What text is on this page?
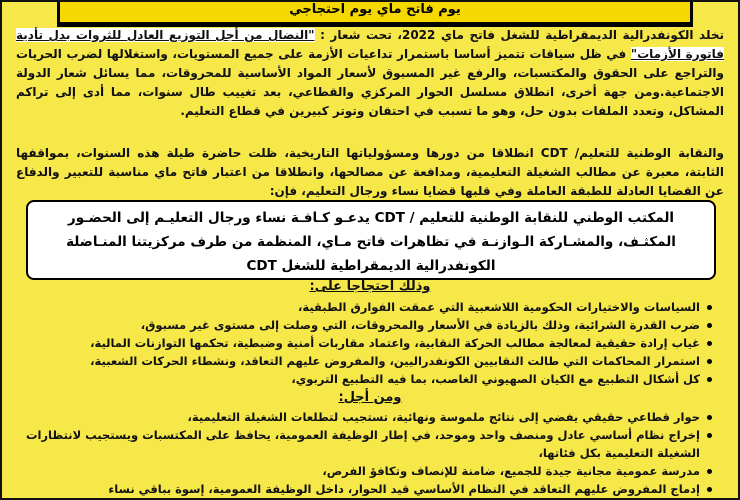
يوم فاتح ماي يوم احتجاجي
تخلد الكونفدرالية الديمقراطية للشغل فاتح ماي 2022، تحت شعار : "النضال من أجل التوزيع العادل للثروات بدل تأدية فاتورة الأزمات" في ظل سياقات تتميز أساسا باستمرار تداعيات الأزمة على جميع المستويات، واستغلالها لضرب الحريات والتراجع على الحقوق والمكتسبات، والرفع غير المسبوق لأسعار المواد الأساسية للمحروقات، مما يسائل شعار الدولة الاجتماعية.ومن جهة أخرى، انطلاق مسلسل الحوار المركزي والقطاعي، بعد تغييب طال سنوات، مما أدى إلى تراكم المشاكل، وتعدد الملفات بدون حل، وهو ما تسبب في احتقان وتوتر كبيرين في قطاع التعليم.
والنقابة الوطنية للتعليم/ CDT انطلاقا من دورها ومسؤولياتها التاريخية، ظلت حاضرة طيلة هذه السنوات، بمواقفها الثابتة، معبرة عن مطالب الشغيلة التعليمية، ومدافعة عن مصالحها، وانطلاقا من اعتبار فاتح ماي مناسبة للتعبير والدفاع عن القضايا العادلة للطبقة العاملة وفي قلبها قضايا نساء ورجال التعليم، فإن:
المكتب الوطني للنقابة الوطنية للتعليم / CDT يدعـو كـافـة نساء ورجال التعليـم إلى الحضـور المكثـف، والمشـاركة الـوازنـة في تظاهرات فاتح مـاي، المنظمة من طرف مركزيتنا المنـاضلة الكونفدرالية الديمقراطية للشغل CDT
وذلك احتجاجا على:
السياسات والاختيارات الحكومية اللاشعبية التي عمقت الفوارق الطبقية،
ضرب القدرة الشرائية، وذلك بالزيادة في الأسعار والمحروقات، التي وصلت إلى مستوى غير مسبوق،
غياب إرادة حقيقية لمعالجة مطالب الحركة النقابية، واعتماد مقاربات أمنية وضبطية، تحكمها التوازنات المالية،
استمرار المحاكمات التي طالت النقابيين الكونفدراليين، والمفروض عليهم التعاقد، ونشطاء الحركات الشعبية،
كل أشكال التطبيع مع الكيان الصهيوني الغاصب، بما فيه التطبيع التربوي،
ومن أجل:
حوار قطاعي حقيقي يفضي إلى نتائج ملموسة ونهائية، تستجيب لتطلعات الشغيلة التعليمية،
إخراج نظام أساسي عادل ومنصف واحد وموحد، في إطار الوظيفة العمومية، يحافظ على المكتسبات ويستجيب لانتظارات الشغيلة التعليمية بكل فئاتها،
مدرسة عمومية مجانية جيدة للجميع، ضامنة للإنصاف وتكافؤ الفرص،
إدماج المفروض عليهم التعاقد في النظام الأساسي قيد الحوار، داخل الوظيفة العمومية، إسوة بباقي نساء
